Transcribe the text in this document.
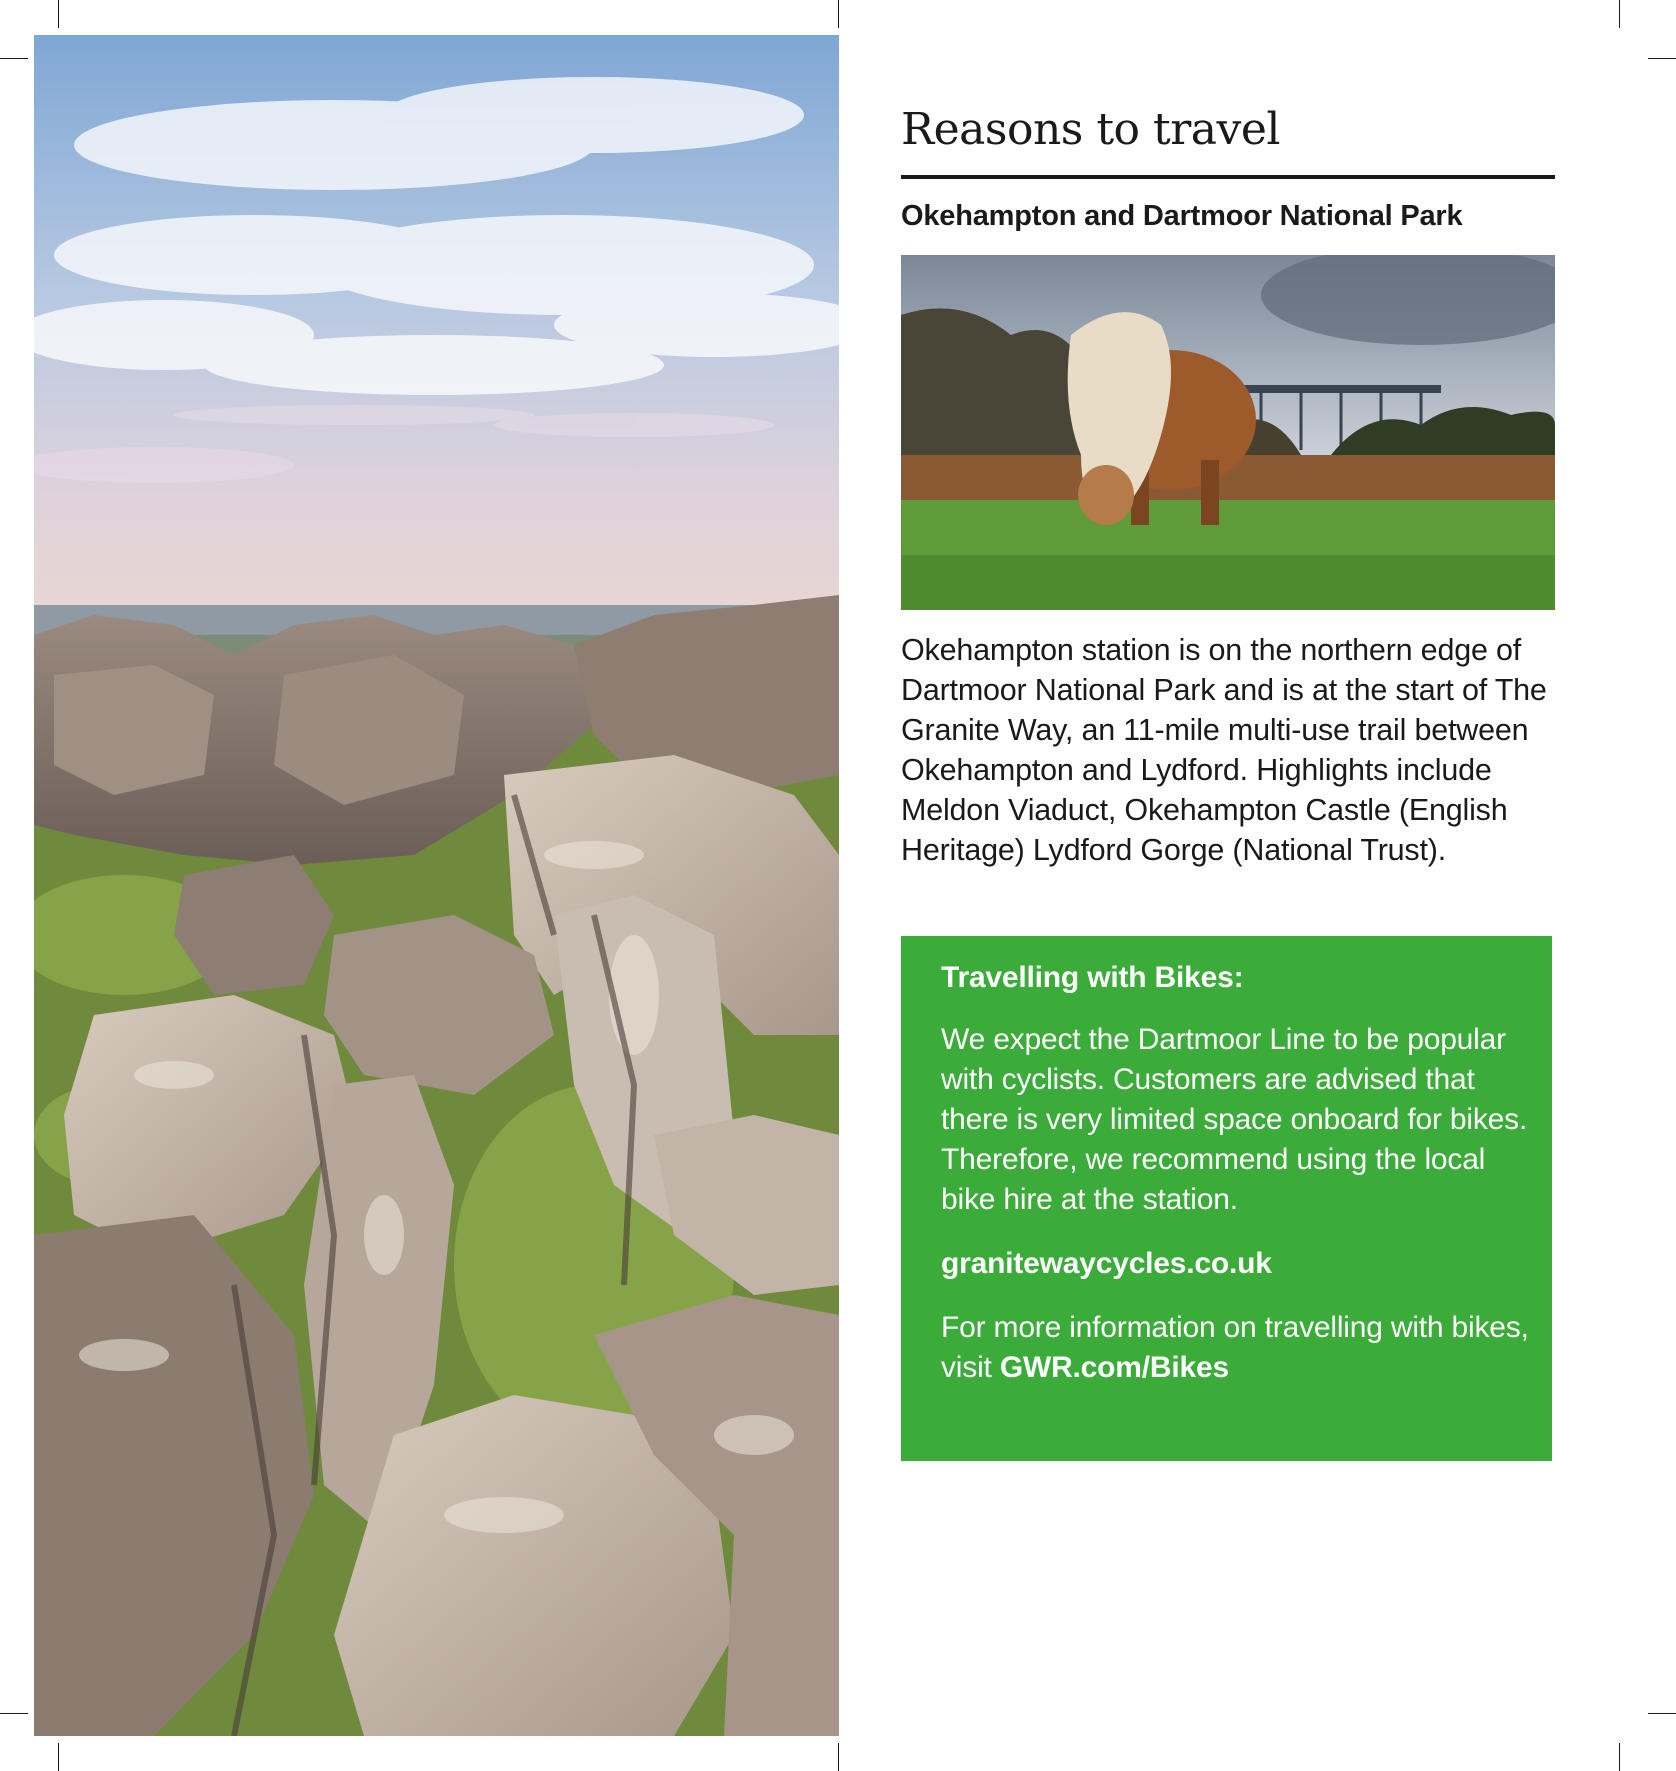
Reasons to travel
Okehampton and Dartmoor National Park

Okehampton station is on the northern edge of Dartmoor National Park and is at the start of The Granite Way, an 11-mile multi-use trail between Okehampton and Lydford. Highlights include Meldon Viaduct, Okehampton Castle (English Heritage) Lydford Gorge (National Trust).

Travelling with Bikes:

We expect the Dartmoor Line to be popular with cyclists. Customers are advised that there is very limited space onboard for bikes. Therefore, we recommend using the local bike hire at the station.

granitewaycycles.co.uk

For more information on travelling with bikes, visit GWR.com/Bikes
